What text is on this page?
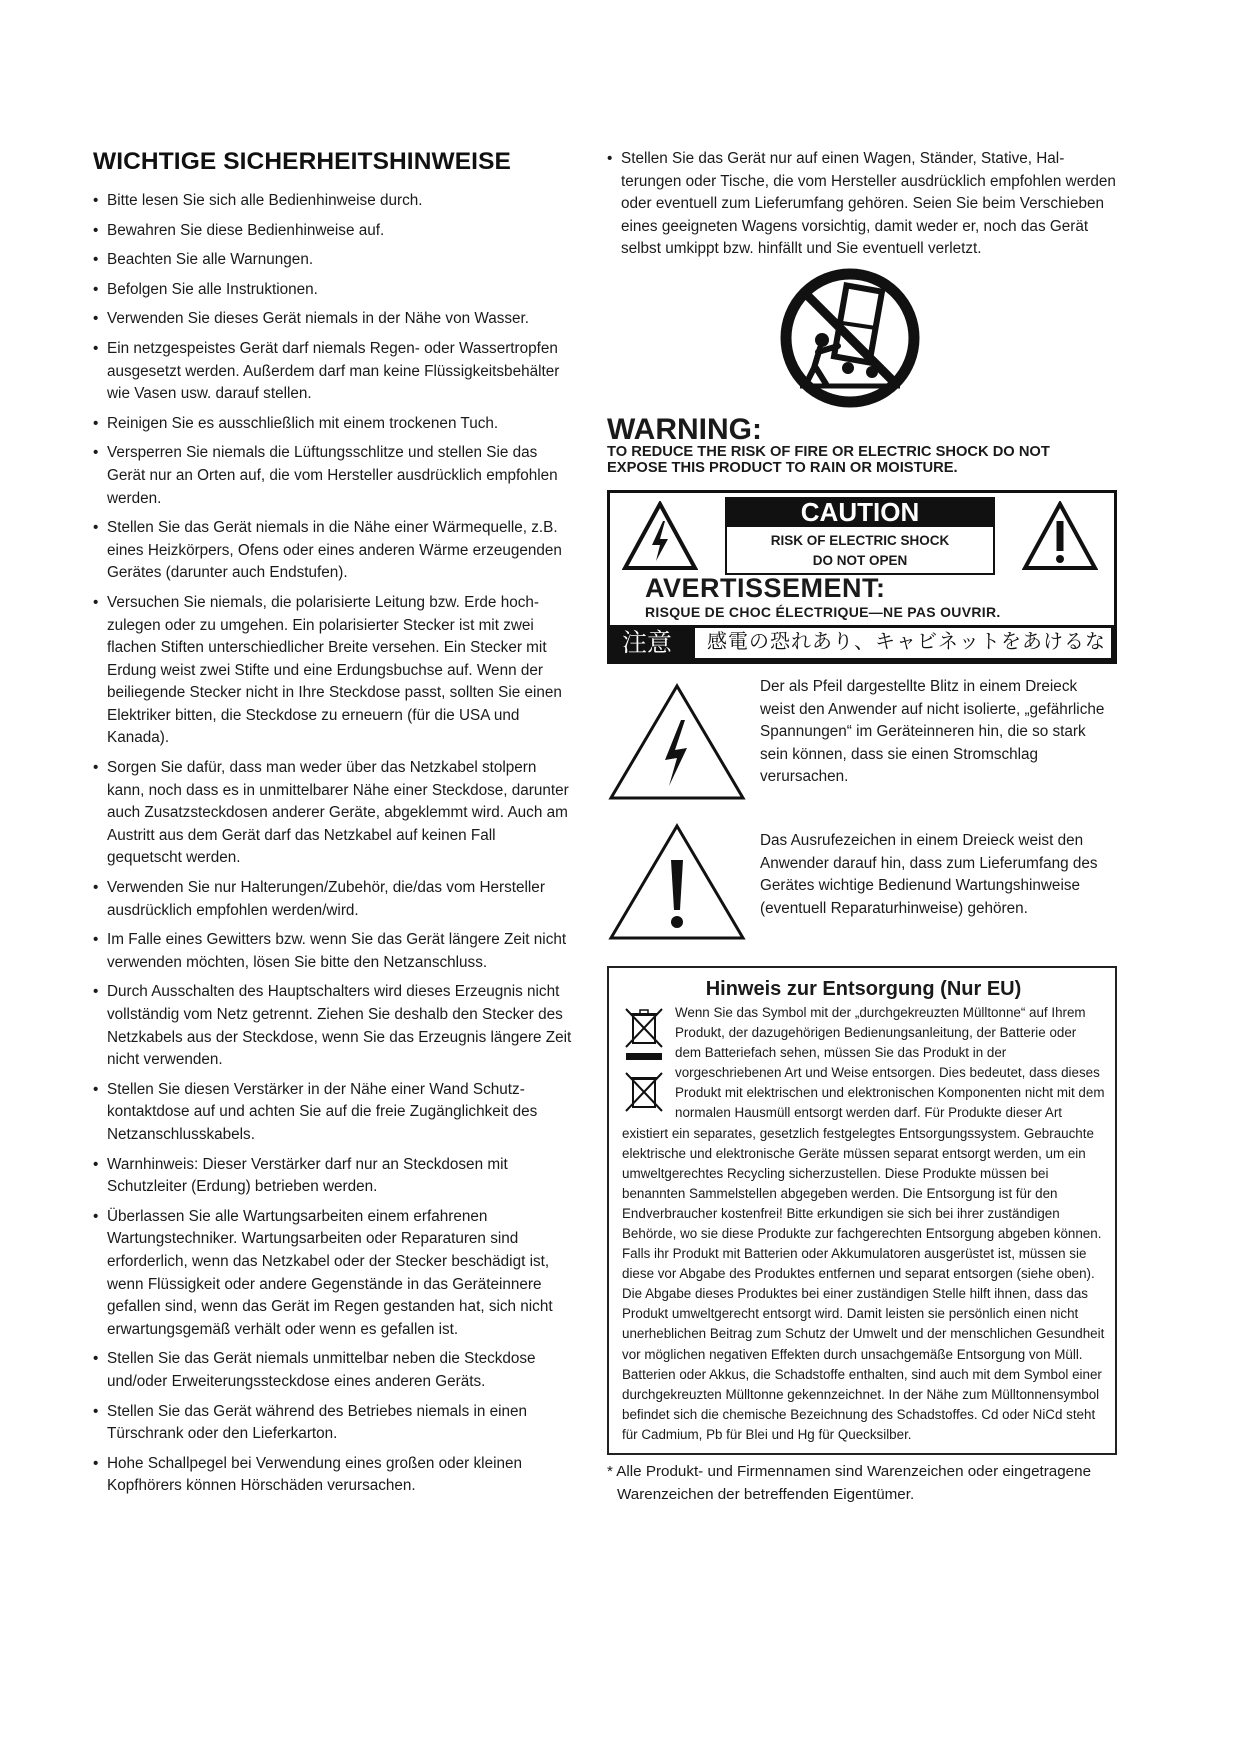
WICHTIGE SICHERHEITSHINWEISE
• Bitte lesen Sie sich alle Bedienhinweise durch.
• Bewahren Sie diese Bedienhinweise auf.
• Beachten Sie alle Warnungen.
• Befolgen Sie alle Instruktionen.
• Verwenden Sie dieses Gerät niemals in der Nähe von Wasser.
• Ein netzgespeistes Gerät darf niemals Regen- oder Wassertropfen ausgesetzt werden. Außerdem darf man keine Flüssigkeitsbehälter wie Vasen usw. darauf stellen.
• Reinigen Sie es ausschließlich mit einem trockenen Tuch.
• Versperren Sie niemals die Lüftungsschlitze und stellen Sie das Gerät nur an Orten auf, die vom Hersteller ausdrücklich empfohlen werden.
• Stellen Sie das Gerät niemals in die Nähe einer Wärmequelle, z.B. eines Heizkörpers, Ofens oder eines anderen Wärme erzeugenden Gerätes (darunter auch Endstufen).
• Versuchen Sie niemals, die polarisierte Leitung bzw. Erde hochzulegen oder zu umgehen. Ein polarisierter Stecker ist mit zwei flachen Stiften unterschiedlicher Breite versehen. Ein Stecker mit Erdung weist zwei Stifte und eine Erdungsbuchse auf. Wenn der beiliegende Stecker nicht in Ihre Steckdose passt, sollten Sie einen Elektriker bitten, die Steckdose zu erneuern (für die USA und Kanada).
• Sorgen Sie dafür, dass man weder über das Netzkabel stolpern kann, noch dass es in unmittelbarer Nähe einer Steckdose, darunter auch Zusatzsteckdosen anderer Geräte, abgeklemmt wird. Auch am Austritt aus dem Gerät darf das Netzkabel auf keinen Fall gequetscht werden.
• Verwenden Sie nur Halterungen/Zubehör, die/das vom Hersteller ausdrücklich empfohlen werden/wird.
• Im Falle eines Gewitters bzw. wenn Sie das Gerät längere Zeit nicht verwenden möchten, lösen Sie bitte den Netzanschluss.
• Durch Ausschalten des Hauptschalters wird dieses Erzeugnis nicht vollständig vom Netz getrennt. Ziehen Sie deshalb den Stecker des Netzkabels aus der Steckdose, wenn Sie das Erzeugnis längere Zeit nicht verwenden.
• Stellen Sie diesen Verstärker in der Nähe einer Wand Schutzkontaktdose auf und achten Sie auf die freie Zugänglichkeit des Netzanschlusskabels.
• Warnhinweis: Dieser Verstärker darf nur an Steckdosen mit Schutzleiter (Erdung) betrieben werden.
• Überlassen Sie alle Wartungsarbeiten einem erfahrenen Wartungstechniker. Wartungsarbeiten oder Reparaturen sind erforderlich, wenn das Netzkabel oder der Stecker beschädigt ist, wenn Flüssigkeit oder andere Gegenstände in das Geräteinnere gefallen sind, wenn das Gerät im Regen gestanden hat, sich nicht erwartungsgemäß verhält oder wenn es gefallen ist.
• Stellen Sie das Gerät niemals unmittelbar neben die Steckdose und/oder Erweiterungssteckdose eines anderen Geräts.
• Stellen Sie das Gerät während des Betriebes niemals in einen Türschrank oder den Lieferkarton.
• Hohe Schallpegel bei Verwendung eines großen oder kleinen Kopfhörers können Hörschäden verursachen.
• Stellen Sie das Gerät nur auf einen Wagen, Ständer, Stative, Halterungen oder Tische, die vom Hersteller ausdrücklich empfohlen werden oder eventuell zum Lieferumfang gehören. Seien Sie beim Verschieben eines geeigneten Wagens vorsichtig, damit weder er, noch das Gerät selbst umkippt bzw. hinfällt und Sie eventuell verletzt.
WARNING:
TO REDUCE THE RISK OF FIRE OR ELECTRIC SHOCK DO NOT
EXPOSE THIS PRODUCT TO RAIN OR MOISTURE.
CAUTION
RISK OF ELECTRIC SHOCK
DO NOT OPEN
AVERTISSEMENT:
RISQUE DE CHOC ÉLECTRIQUE—NE PAS OUVRIR.
注意	感電の恐れあり、キャビネットをあけるな
Der als Pfeil dargestellte Blitz in einem Dreieck weist den Anwender auf nicht isolierte, „gefährliche Spannungen“ im Geräteinneren hin, die so stark sein können, dass sie einen Stromschlag verursachen.
Das Ausrufezeichen in einem Dreieck weist den Anwender darauf hin, dass zum Lieferumfang des Gerätes wichtige Bedienund Wartungshinweise (eventuell Reparaturhinweise) gehören.
Hinweis zur Entsorgung (Nur EU)
Wenn Sie das Symbol mit der „durchgekreuzten Mülltonne“ auf Ihrem Produkt, der dazugehörigen Bedienungsanleitung, der Batterie oder dem Batteriefach sehen, müssen Sie das Produkt in der vorgeschriebenen Art und Weise entsorgen. Dies bedeutet, dass dieses Produkt mit elektrischen und elektronischen Komponenten nicht mit dem normalen Hausmüll entsorgt werden darf. Für Produkte dieser Art existiert ein separates, gesetzlich festgelegtes Entsorgungssystem. Gebrauchte elektrische und elektronische Geräte müssen separat entsorgt werden, um ein umweltgerechtes Recycling sicherzustellen. Diese Produkte müssen bei benannten Sammelstellen abgegeben werden. Die Entsorgung ist für den Endverbraucher kostenfrei! Bitte erkundigen sie sich bei ihrer zuständigen Behörde, wo sie diese Produkte zur fachgerechten Entsorgung abgeben können. Falls ihr Produkt mit Batterien oder Akkumulatoren ausgerüstet ist, müssen sie diese vor Abgabe des Produktes entfernen und separat entsorgen (siehe oben). Die Abgabe dieses Produktes bei einer zuständigen Stelle hilft ihnen, dass das Produkt umweltgerecht entsorgt wird. Damit leisten sie persönlich einen nicht unerheblichen Beitrag zum Schutz der Umwelt und der menschlichen Gesundheit vor möglichen negativen Effekten durch unsachgemäße Entsorgung von Müll. Batterien oder Akkus, die Schadstoffe enthalten, sind auch mit dem Symbol einer durchgekreuzten Mülltonne gekennzeichnet. In der Nähe zum Mülltonnensymbol befindet sich die chemische Bezeichnung des Schadstoffes. Cd oder NiCd steht für Cadmium, Pb für Blei und Hg für Quecksilber.
* Alle Produkt- und Firmennamen sind Warenzeichen oder eingetragene Warenzeichen der betreffenden Eigentümer.
